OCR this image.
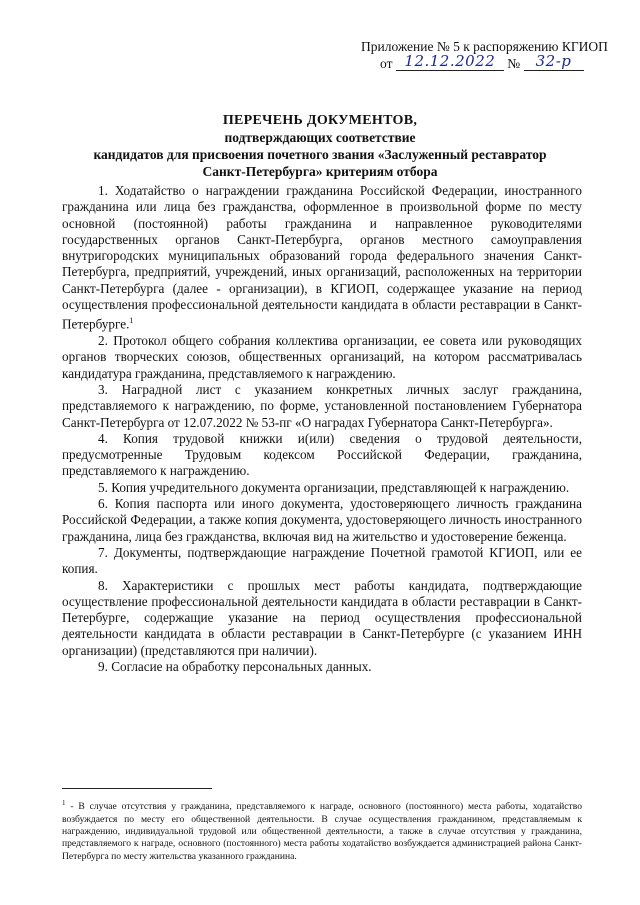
Приложение № 5 к распоряжению КГИОП
от 12.12.2022 № 32-р
ПЕРЕЧЕНЬ ДОКУМЕНТОВ,
подтверждающих соответствие
кандидатов для присвоения почетного звания «Заслуженный реставратор
Санкт-Петербурга» критериям отбора

1. Ходатайство о награждении гражданина Российской Федерации, иностранного гражданина или лица без гражданства, оформленное в произвольной форме по месту основной (постоянной) работы гражданина и направленное руководителями государственных органов Санкт-Петербурга, органов местного самоуправления внутригородских муниципальных образований города федерального значения Санкт-Петербурга, предприятий, учреждений, иных организаций, расположенных на территории Санкт-Петербурга (далее - организации), в КГИОП, содержащее указание на период осуществления профессиональной деятельности кандидата в области реставрации в Санкт-Петербурге.$^1$

2. Протокол общего собрания коллектива организации, ее совета или руководящих органов творческих союзов, общественных организаций, на котором рассматривалась кандидатура гражданина, представляемого к награждению.

3. Наградной лист с указанием конкретных личных заслуг гражданина, представляемого к награждению, по форме, установленной постановлением Губернатора Санкт-Петербурга от 12.07.2022 № 53-пг «О наградах Губернатора Санкт-Петербурга».

4. Копия трудовой книжки и(или) сведения о трудовой деятельности, предусмотренные Трудовым кодексом Российской Федерации, гражданина, представляемого к награждению.

5. Копия учредительного документа организации, представляющей к награждению.

6. Копия паспорта или иного документа, удостоверяющего личность гражданина Российской Федерации, а также копия документа, удостоверяющего личность иностранного гражданина, лица без гражданства, включая вид на жительство и удостоверение беженца.

7. Документы, подтверждающие награждение Почетной грамотой КГИОП, или ее копия.

8. Характеристики с прошлых мест работы кандидата, подтверждающие осуществление профессиональной деятельности кандидата в области реставрации в Санкт-Петербурге, содержащие указание на период осуществления профессиональной деятельности кандидата в области реставрации в Санкт-Петербурге (с указанием ИНН организации) (представляются при наличии).

9. Согласие на обработку персональных данных.

$^1$ - В случае отсутствия у гражданина, представляемого к награде, основного (постоянного) места работы, ходатайство возбуждается по месту его общественной деятельности. В случае осуществления гражданином, представляемым к награждению, индивидуальной трудовой или общественной деятельности, а также в случае отсутствия у гражданина, представляемого к награде, основного (постоянного) места работы ходатайство возбуждается администрацией района Санкт-Петербурга по месту жительства указанного гражданина.
